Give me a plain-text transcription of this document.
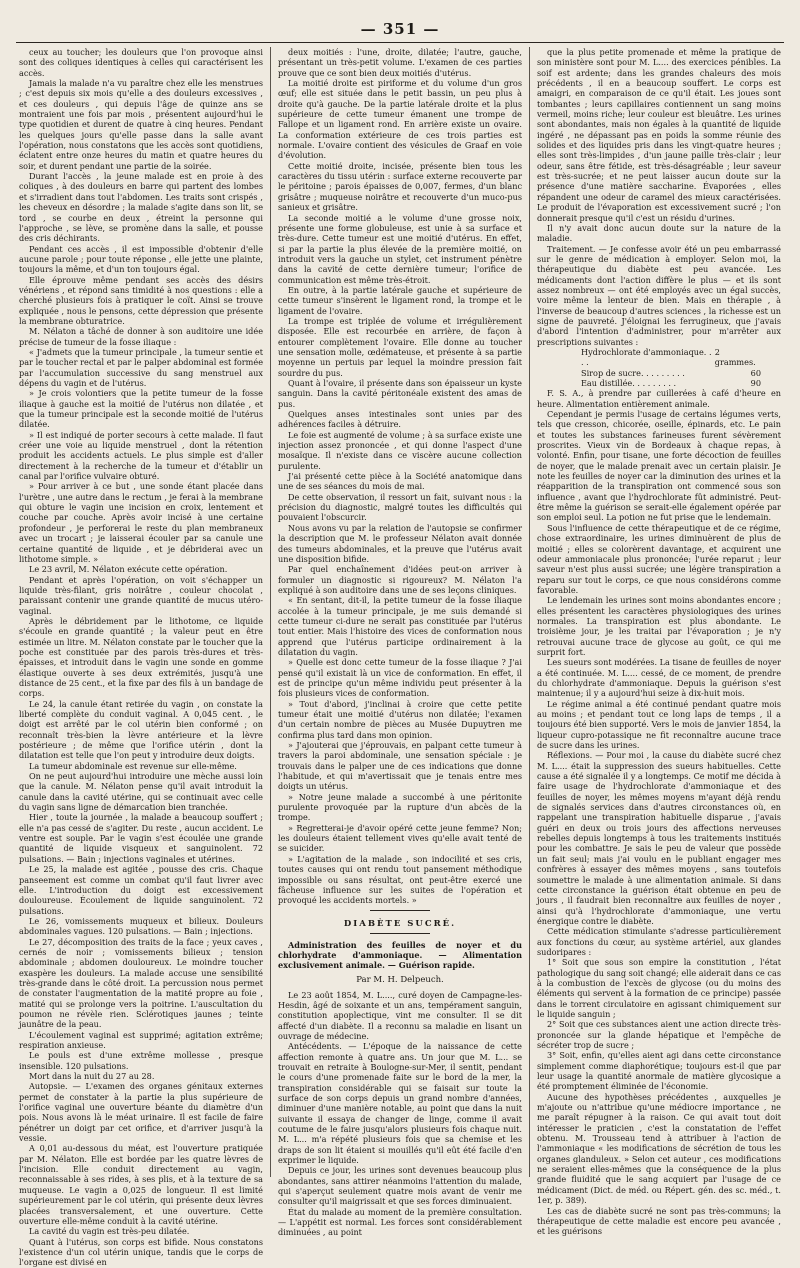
— 351 —

ceux au toucher; les douleurs que l'on provoque ainsi sont des coliques identiques à celles qui caractérisent les accès.

Jamais la malade n'a vu paraître chez elle les menstrues ; c'est depuis six mois qu'elle a des douleurs excessives , et ces douleurs , qui depuis l'âge de quinze ans se montraient une fois par mois , présentent aujourd'hui le type quotidien et durent de quatre à cinq heures. Pendant les quelques jours qu'elle passe dans la salle avant l'opération, nous constatons que les accès sont quotidiens, éclatent entre onze heures du matin et quatre heures du soir, et durent pendant une partie de la soirée.

Durant l'accès , la jeune malade est en proie à des coliques , à des douleurs en barre qui partent des lombes et s'irradient dans tout l'abdomen. Les traits sont crispés , les cheveux en désordre ; la malade s'agite dans son lit, se tord , se courbe en deux , étreint la personne qui l'approche , se lève, se promène dans la salle, et pousse des cris déchirants.

Pendant ces accès , il est impossible d'obtenir d'elle aucune parole ; pour toute réponse , elle jette une plainte, toujours la même, et d'un ton toujours égal.

Elle éprouve même pendant ses accès des désirs vénériens , et répond sans timidité à nos questions : elle a cherché plusieurs fois à pratiquer le coït. Ainsi se trouve expliquée , nous le pensons, cette dépression que présente la membrane obturatrice.

M. Nélaton a tâché de donner à son auditoire une idée précise de tumeur de la fosse iliaque :

« J'admets que la tumeur principale , la tumeur sentie et par le toucher rectal et par le palper abdominal est formée par l'accumulation successive du sang menstruel aux dépens du vagin et de l'utérus.

» Je crois volontiers que la petite tumeur de la fosse iliaque à gauche est la moitié de l'utérus non dilatée , et que la tumeur principale est la seconde moitié de l'utérus dilatée.

» Il est indiqué de porter secours à cette malade. Il faut créer une voie au liquide menstruel , dont la rétention produit les accidents actuels. Le plus simple est d'aller directement à la recherche de la tumeur et d'établir un canal par l'orifice vulvaire obturé.

» Pour arriver à ce but , une sonde étant placée dans l'urètre , une autre dans le rectum , je ferai à la membrane qui obture le vagin une incision en croix, lentement et couche par couche. Après avoir incisé à une certaine profondeur , je perforerai le reste du plan membraneux avec un trocart ; je laisserai écouler par sa canule une certaine quantité de liquide , et je débriderai avec un lithotome simple. »

Le 23 avril, M. Nélaton exécute cette opération.

Pendant et après l'opération, on voit s'échapper un liquide très-filant, gris noirâtre , couleur chocolat , paraissant contenir une grande quantité de mucus utéro-vaginal.

Après le débridement par le lithotome, ce liquide s'écoule en grande quantité ; la valeur peut en être estimée un litre. M. Nélaton constate par le toucher que la poche est constituée par des parois très-dures et très-épaisses, et introduit dans le vagin une sonde en gomme élastique ouverte à ses deux extrémités, jusqu'à une distance de 25 cent., et la fixe par des fils à un bandage de corps.

Le 24, la canule étant retirée du vagin , on constate la liberté complète du conduit vaginal. A 0,045 cent. , le doigt est arrêté par le col utérin bien conformé ; on reconnaît très-bien la lèvre antérieure et la lèvre postérieure ; de même que l'orifice utérin , dont la dilatation est telle que l'on peut y introduire deux doigts.

La tumeur abdominale est revenue sur elle-même.

On ne peut aujourd'hui introduire une mèche aussi loin que la canule. M. Nélaton pense qu'il avait introduit la canule dans la cavité utérine, qui se continuait avec celle du vagin sans ligne de démarcation bien tranchée.

Hier , toute la journée , la malade a beaucoup souffert ; elle n'a pas cessé de s'agiter. Du reste , aucun accident. Le ventre est souple. Par le vagin s'est écoulée une grande quantité de liquide visqueux et sanguinolent. 72 pulsations. — Bain ; injections vaginales et utérines.

Le 25, la malade est agitée , pousse des cris. Chaque panseement est comme un combat qu'il faut livrer avec elle. L'introduction du doigt est excessivement douloureuse. Écoulement de liquide sanguinolent. 72 pulsations.

Le 26, vomissements muqueux et bilieux. Douleurs abdominales vagues. 120 pulsations. — Bain ; injections.

Le 27, décomposition des traits de la face ; yeux caves , cernés de noir ; vomissements bilieux ; tension abdominale ; abdomen douloureux. Le moindre toucher exaspère les douleurs. La malade accuse une sensibilité très-grande dans le côté droit. La percussion nous permet de constater l'augmentation de la matité propre au foie , matité qui se prolonge vers la poitrine. L'auscultation du poumon ne révèle rien. Sclérotiques jaunes ; teinte jaunâtre de la peau.

L'écoulement vaginal est supprimé; agitation extrême; respiration anxieuse.

Le pouls est d'une extrême mollesse , presque insensible. 120 pulsations.

Mort dans la nuit du 27 au 28.

Autopsie. — L'examen des organes génitaux externes permet de constater à la partie la plus supérieure de l'orifice vaginal une ouverture béante du diamètre d'un pois. Nous avons là le méat urinaire. Il est facile de faire pénétrer un doigt par cet orifice, et d'arriver jusqu'à la vessie.

A 0,01 au-dessous du méat, est l'ouverture pratiquée par M. Nélaton. Elle est bordée par les quatre lèvres de l'incision. Elle conduit directement au vagin, reconnaissable à ses rides, à ses plis, et à la texture de sa muqueuse. Le vagin a 0,025 de longueur. Il est limité supérieurement par le col utérin, qui présente deux lèvres placées transversalement, et une ouverture. Cette ouverture elle-même conduit à la cavité utérine.

La cavité du vagin est très-peu dilatée.

Quant à l'utérus, son corps est bifide. Nous constatons l'existence d'un col utérin unique, tandis que le corps de l'organe est divisé en

deux moitiés : l'une, droite, dilatée; l'autre, gauche, présentant un très-petit volume. L'examen de ces parties prouve que ce sont bien deux moitiés d'utérus.

La moitié droite est piriforme et du volume d'un gros œuf; elle est située dans le petit bassin, un peu plus à droite qu'à gauche. De la partie latérale droite et la plus supérieure de cette tumeur émanent une trompe de Fallope et un ligament rond. En arrière existe un ovaire. La conformation extérieure de ces trois parties est normale. L'ovaire contient des vésicules de Graaf en voie d'évolution.

Cette moitié droite, incisée, présente bien tous les caractères du tissu utérin : surface externe recouverte par le péritoine ; parois épaisses de 0,007, fermes, d'un blanc grisâtre ; muqueuse noirâtre et recouverte d'un muco-pus sanieux et grisâtre.

La seconde moitié a le volume d'une grosse noix, présente une forme globuleuse, est unie à sa surface et très-dure. Cette tumeur est une moitié d'utérus. En effet, si par la partie la plus élevée de la première moitié, on introduit vers la gauche un stylet, cet instrument pénètre dans la cavité de cette dernière tumeur; l'orifice de communication est même très-étroit.

En outre, à la partie latérale gauche et supérieure de cette tumeur s'insèrent le ligament rond, la trompe et le ligament de l'ovaire.

La trompe est triplée de volume et irrégulièrement disposée. Elle est recourbée en arrière, de façon à entourer complètement l'ovaire. Elle donne au toucher une sensation molle, œdémateuse, et présente à sa partie moyenne un pertuis par lequel la moindre pression fait sourdre du pus.

Quant à l'ovaire, il présente dans son épaisseur un kyste sanguin. Dans la cavité péritonéale existent des amas de pus.

Quelques anses intestinales sont unies par des adhérences faciles à détruire.

Le foie est augmenté de volume ; à sa surface existe une injection assez prononcée , et qui donne l'aspect d'une mosaïque. Il n'existe dans ce viscère aucune collection purulente.

J'ai présenté cette pièce à la Société anatomique dans une de ses séances du mois de mai.

De cette observation, il ressort un fait, suivant nous : la précision du diagnostic, malgré toutes les difficultés qui pouvaient l'obscurcir.

Nous avons vu par la relation de l'autopsie se confirmer la description que M. le professeur Nélaton avait donnée des tumeurs abdominales, et la preuve que l'utérus avait une disposition bifide.

Par quel enchaînement d'idées peut-on arriver à formuler un diagnostic si rigoureux? M. Nélaton l'a expliqué à son auditoire dans une de ses leçons cliniques.

« En sentant, dit-il, la petite tumeur de la fosse iliaque accolée à la tumeur principale, je me suis demandé si cette tumeur ci-dure ne serait pas constituée par l'utérus tout entier. Mais l'histoire des vices de conformation nous apprend que l'utérus participe ordinairement à la dilatation du vagin.

» Quelle est donc cette tumeur de la fosse iliaque ? J'ai pensé qu'il existait là un vice de conformation. En effet, il est de principe qu'un même individu peut présenter à la fois plusieurs vices de conformation.

» Tout d'abord, j'inclinai à croire que cette petite tumeur était une moitié d'utérus non dilatée; l'examen d'un certain nombre de pièces au Musée Dupuytren me confirma plus tard dans mon opinion.

» J'ajouterai que j'éprouvais, en palpant cette tumeur à travers la paroi abdominale, une sensation spéciale : je trouvais dans le palper une de ces indications que donne l'habitude, et qui m'avertissait que je tenais entre mes doigts un utérus.

» Notre jeune malade a succombé à une péritonite purulente provoquée par la rupture d'un abcès de la trompe.

» Regretterai-je d'avoir opéré cette jeune femme? Non; les douleurs étaient tellement vives qu'elle avait tenté de se suicider.

» L'agitation de la malade , son indocilité et ses cris, toutes causes qui ont rendu tout pansement méthodique impossible ou sans résultat, ont peut-être exercé une fâcheuse influence sur les suites de l'opération et provoqué les accidents mortels. »

DIABÈTE SUCRÉ.

Administration des feuilles de noyer et du chlorhydrate d'ammoniaque. — Alimentation exclusivement animale. — Guérison rapide.

Par M. H. Delpeuch.

Le 23 août 1854, M. L...., curé doyen de Campagne-les-Hesdin, âgé de soixante et un ans, tempérament sanguin, constitution apoplectique, vint me consulter. Il se dit affecté d'un diabète. Il a reconnu sa maladie en lisant un ouvrage de médecine.

Antécédents. — L'époque de la naissance de cette affection remonte à quatre ans. Un jour que M. L... se trouvait en retraite à Boulogne-sur-Mer, il sentit, pendant le cours d'une promenade faite sur le bord de la mer, la transpiration considérable qui se faisait sur toute la surface de son corps depuis un grand nombre d'années, diminuer d'une manière notable, au point que dans la nuit suivante il essaya de changer de linge, comme il avait coutume de le faire jusqu'alors plusieurs fois chaque nuit. M. L... m'a répété plusieurs fois que sa chemise et les draps de son lit étaient si mouillés qu'il eût été facile d'en exprimer le liquide.

Depuis ce jour, les urines sont devenues beaucoup plus abondantes, sans attirer néanmoins l'attention du malade, qui s'aperçut seulement quatre mois avant de venir me consulter qu'il maigrissait et que ses forces diminuaient.

État du malade au moment de la première consultation. — L'appétit est normal. Les forces sont considérablement diminuées , au point

que la plus petite promenade et même la pratique de son ministère sont pour M. L.... des exercices pénibles. La soif est ardente; dans les grandes chaleurs des mois précédents , il en a beaucoup souffert. Le corps est amaigri, en comparaison de ce qu'il était. Les joues sont tombantes ; leurs capillaires contiennent un sang moins vermeil, moins riche; leur couleur est bleuâtre. Les urines sont abondantes, mais non égales à la quantité de liquide ingéré , ne dépassant pas en poids la somme réunie des solides et des liquides pris dans les vingt-quatre heures ; elles sont très-limpides , d'un jaune paille très-clair ; leur odeur, sans être fétide, est très-désagréable ; leur saveur est très-sucrée; et ne peut laisser aucun doute sur la présence d'une matière saccharine. Évaporées , elles répandent une odeur de caramel des mieux caractérisées. Le produit de l'évaporation est excessivement sucré ; l'on donnerait presque qu'il c'est un résidu d'urines.

Il n'y avait donc aucun doute sur la nature de la maladie.

Traitement. — Je confesse avoir été un peu embarrassé sur le genre de médication à employer. Selon moi, la thérapeutique du diabète est peu avancée. Les médicaments dont l'action diffère le plus — et ils sont assez nombreux — ont été employés avec un égal succès, voire même la lenteur de bien. Mais en thérapie , à l'inverse de beaucoup d'autres sciences , la richesse est un signe de pauvreté. J'éloignai les ferrugineux, que j'avais d'abord l'intention d'administrer, pour m'arrêter aux prescriptions suivantes :

Hydrochlorate d'ammoniaque. . . .
2 grammes.
Sirop de sucre. . . . . . . . .	60
Eau distillée. . . . . . . . .	90

F. S. A., à prendre par cuillerées à café d'heure en heure. Alimentation entièrement animale.

Cependant je permis l'usage de certains légumes verts, tels que cresson, chicorée, oseille, épinards, etc. Le pain et toutes les substances farineuses furent sévèrement proscrites. Vieux vin de Bordeaux à chaque repas, à volonté. Enfin, pour tisane, une forte décoction de feuilles de noyer, que le malade prenait avec un certain plaisir. Je note les feuilles de noyer car la diminution des urines et la réapparition de la transpiration ont commencé sous son influence , avant que l'hydrochlorate fût administré. Peut-être même la guérison se serait-elle également opérée par son emploi seul. La potion ne fut prise que le lendemain.

Sous l'influence de cette thérapeutique et de ce régime, chose extraordinaire, les urines diminuèrent de plus de moitié ; elles se colorèrent davantage, et acquirent une odeur ammoniacale plus prononcée; l'urée reparut ; leur saveur n'est plus aussi sucrée; une légère transpiration a reparu sur tout le corps, ce que nous considérons comme favorable.

Le lendemain les urines sont moins abondantes encore ; elles présentent les caractères physiologiques des urines normales. La transpiration est plus abondante. Le troisième jour, je les traitai par l'évaporation ; je n'y retrouvai aucune trace de glycose au goût, ce qui me surprit fort.

Les sueurs sont modérées. La tisane de feuilles de noyer a été continuée. M. L.... cessé, de ce moment, de prendre du chlorhydrate d'ammoniaque. Depuis la guérison s'est maintenue; il y a aujourd'hui seize à dix-huit mois.

Le régime animal a été continué pendant quatre mois au moins ; et pendant tout ce long laps de temps , il a toujours été bien supporté. Vers le mois de janvier 1854, la liqueur cupro-potassique ne fit reconnaître aucune trace de sucre dans les urines.

Réflexions. — Pour moi , la cause du diabète sucré chez M. L.... était la suppression des sueurs habituelles. Cette cause a été signalée il y a longtemps. Ce motif me décida à faire usage de l'hydrochlorate d'ammoniaque et des feuilles de noyer, les mêmes moyens m'ayant déjà rendu de signalés services dans d'autres circonstances où, en rappelant une transpiration habituelle disparue , j'avais guéri en deux ou trois jours des affections nerveuses rebelles depuis longtemps à tous les traitements institués pour les combattre. Je sais le peu de valeur que possède un fait seul; mais j'ai voulu en le publiant engager mes confrères à essayer des mêmes moyens , sans toutefois soumettre le malade à une alimentation animale. Si dans cette circonstance la guérison était obtenue en peu de jours , il faudrait bien reconnaître aux feuilles de noyer , ainsi qu'à l'hydrochlorate d'ammoniaque, une vertu énergique contre le diabète.

Cette médication stimulante s'adresse particulièrement aux fonctions du cœur, au système artériel, aux glandes sudoripares :

1° Soit que sous son empire la constitution , l'état pathologique du sang soit changé; elle aiderait dans ce cas à la combustion de l'excès de glycose (ou du moins des éléments qui servent à la formation de ce principe) passée dans le torrent circulatoire en agissant chimiquement sur le liquide sanguin ;

2° Soit que ces substances aient une action directe très-prononcée sur la glande hépatique et l'empêche de sécréter trop de sucre ;

3° Soit, enfin, qu'elles aient agi dans cette circonstance simplement comme diaphorétique; toujours est-il que par leur usage la quantité anormale de matière glycosique a été promptement éliminée de l'économie.

Aucune des hypothèses précédentes , auxquelles je m'ajoute ou n'attribue qu'une médiocre importance , ne me paraît répugner à la raison. Ce qui avait tout doit intéresser le praticien , c'est la constatation de l'effet obtenu. M. Trousseau tend à attribuer à l'action de l'ammoniaque « les modifications de sécrétion de tous les organes glanduleux. » Selon cet auteur , ces modifications ne seraient elles-mêmes que la conséquence de la plus grande fluidité que le sang acquiert par l'usage de ce médicament (Dict. de méd. ou Répert. gén. des sc. méd., t. 1er, p. 389).

Les cas de diabète sucré ne sont pas très-communs; la thérapeutique de cette maladie est encore peu avancée , et les guérisons
